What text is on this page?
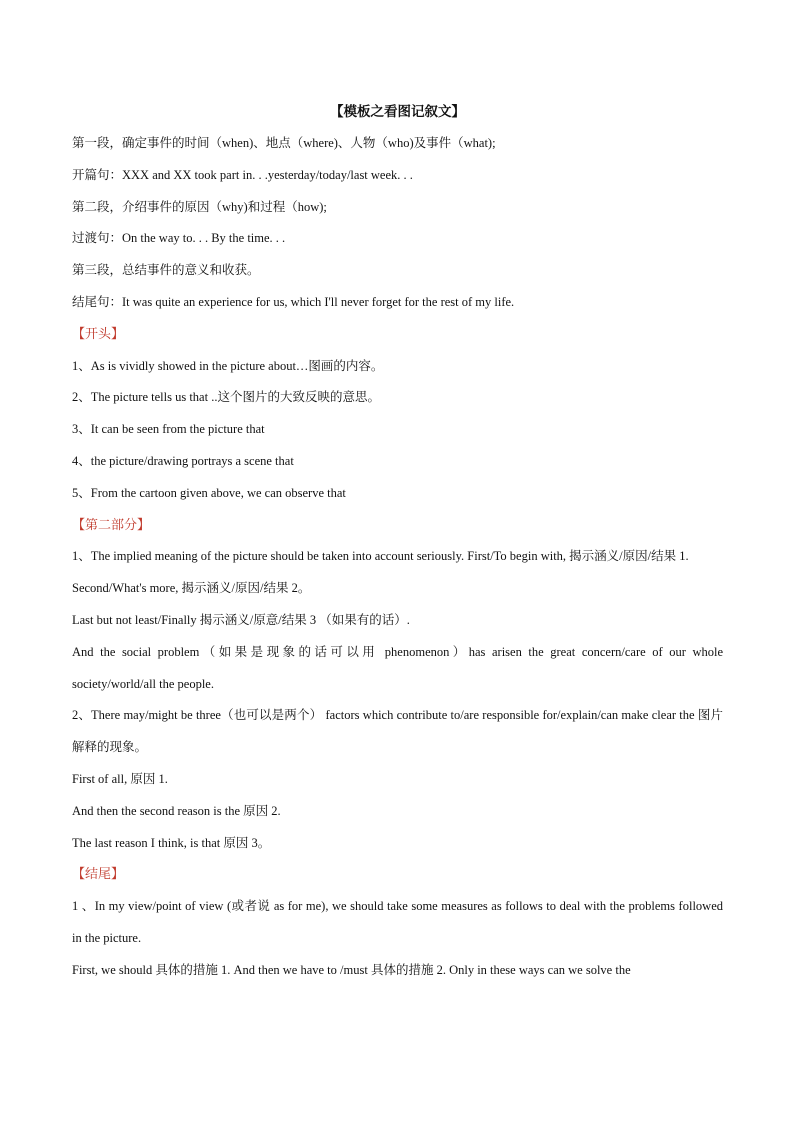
【模板之看图记叙文】
第一段，确定事件的时间（when)、地点（where)、人物（who)及事件（what);
开篇句：XXX and XX took part in. . .yesterday/today/last week. . .
第二段，介绍事件的原因（why)和过程（how);
过渡句：On the way to. . . By the time. . .
第三段，总结事件的意义和收获。
结尾句：It was quite an experience for us, which I'll never forget for the rest of my life.
【开头】
1、As is vividly showed in the picture about…图画的内容。
2、The picture tells us that ..这个图片的大致反映的意思。
3、It can be seen from the picture that
4、the picture/drawing portrays a scene that
5、From the cartoon given above, we can observe that
【第二部分】
1、The implied meaning of the picture should be taken into account seriously. First/To begin with, 揭示涵义/原因/结果 1.
Second/What's more, 揭示涵义/原因/结果 2。
Last but not least/Finally 揭示涵义/原意/结果 3 （如果有的话）.
And the social problem（如果是现象的话可以用 phenomenon）has arisen the great concern/care of our whole society/world/all the people.
2、There may/might be three（也可以是两个） factors which contribute to/are responsible for/explain/can make clear the 图片解释的现象。
First of all, 原因 1.
And then the second reason is the 原因 2.
The last reason I think, is that 原因 3。
【结尾】
1 、In my view/point of view (或者说 as for me), we should take some measures as follows to deal with the problems followed in the picture.
First, we should 具体的措施 1. And then we have to /must 具体的措施 2. Only in these ways can we solve the
